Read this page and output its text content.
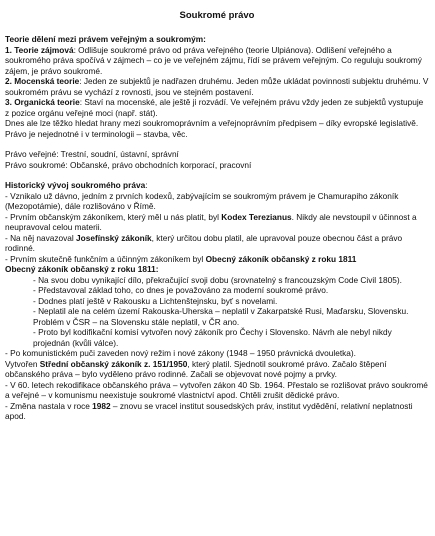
Soukromé právo

Teorie dělení mezi právem veřejným a soukromým:

1. Teorie zájmová: Odlišuje soukromé právo od práva veřejného (teorie Ulpiánova). Odlišení veřejného a soukromého práva spočívá v zájmech – co je ve veřejném zájmu, řídí se právem veřejným. Co reguluju soukromý zájem, je právo soukromé.

2. Mocenská teorie: Jeden ze subjektů je nadřazen druhému. Jeden může ukládat povinnosti subjektu druhému. V soukromém právu se vychází z rovnosti, jsou ve stejném postavení.

3. Organická teorie: Staví na mocenské, ale ještě ji rozvádí. Ve veřejném právu vždy jeden ze subjektů vystupuje z pozice orgánu veřejné moci (např. stát).

Dnes ale lze těžko hledat hrany mezi soukromoprávním a veřejnoprávním předpisem – díky evropské legislativě. Právo je nejednotné i v terminologii – stavba, věc.

Právo veřejné: Trestní, soudní, ústavní, správní

Právo soukromé: Občanské, právo obchodních korporací, pracovní

Historický vývoj soukromého práva:

- Vznikalo už dávno, jedním z prvních kodexů, zabývajícím se soukromým právem je Chamurapiho zákoník (Mezopotámie), dále rozlišováno v Římě.

- Prvním občanským zákoníkem, který měl u nás platit, byl Kodex Terezianus. Nikdy ale nevstoupil v účinnost a neupravoval celou materii.

- Na něj navazoval Josefínský zákoník, který určitou dobu platil, ale upravoval pouze obecnou část a právo rodinné.

- Prvním skutečně funkčním a účinným zákoníkem byl Obecný zákoník občanský z roku 1811

Obecný zákoník občanský z roku 1811:

- Na svou dobu vynikající dílo, překračující svoji dobu (srovnatelný s francouzským Code Civil 1805).

- Představoval základ toho, co dnes je považováno za moderní soukromé právo.

- Dodnes platí ještě v Rakousku a Lichtenštejnsku, byť s novelami.

- Neplatil ale na celém území Rakouska-Uherska – neplatil v Zakarpatské Rusi, Maďarsku, Slovensku. Problém v ČSR – na Slovensku stále neplatil, v ČR ano.

- Proto byl kodifikační komisí vytvořen nový zákoník pro Čechy i Slovensko. Návrh ale nebyl nikdy projednán (kvůli válce).

- Po komunistickém puči zaveden nový režim i nové zákony (1948 – 1950 právnická dvouletka).

Vytvořen Střední občanský zákoník z. 151/1950, který platil. Sjednotil soukromé právo. Začalo štěpení občanského práva – bylo vyděleno právo rodinné. Začali se objevovat nové pojmy a prvky.

- V 60. letech rekodifikace občanského práva – vytvořen zákon 40 Sb. 1964. Přestalo se rozlišovat právo soukromé a veřejné – v komunismu neexistuje soukromé vlastnictví apod. Chtěli zrušit dědické právo.

- Změna nastala v roce 1982 – znovu se vracel institut sousedských práv, institut vydědění, relativní neplatnosti apod.
